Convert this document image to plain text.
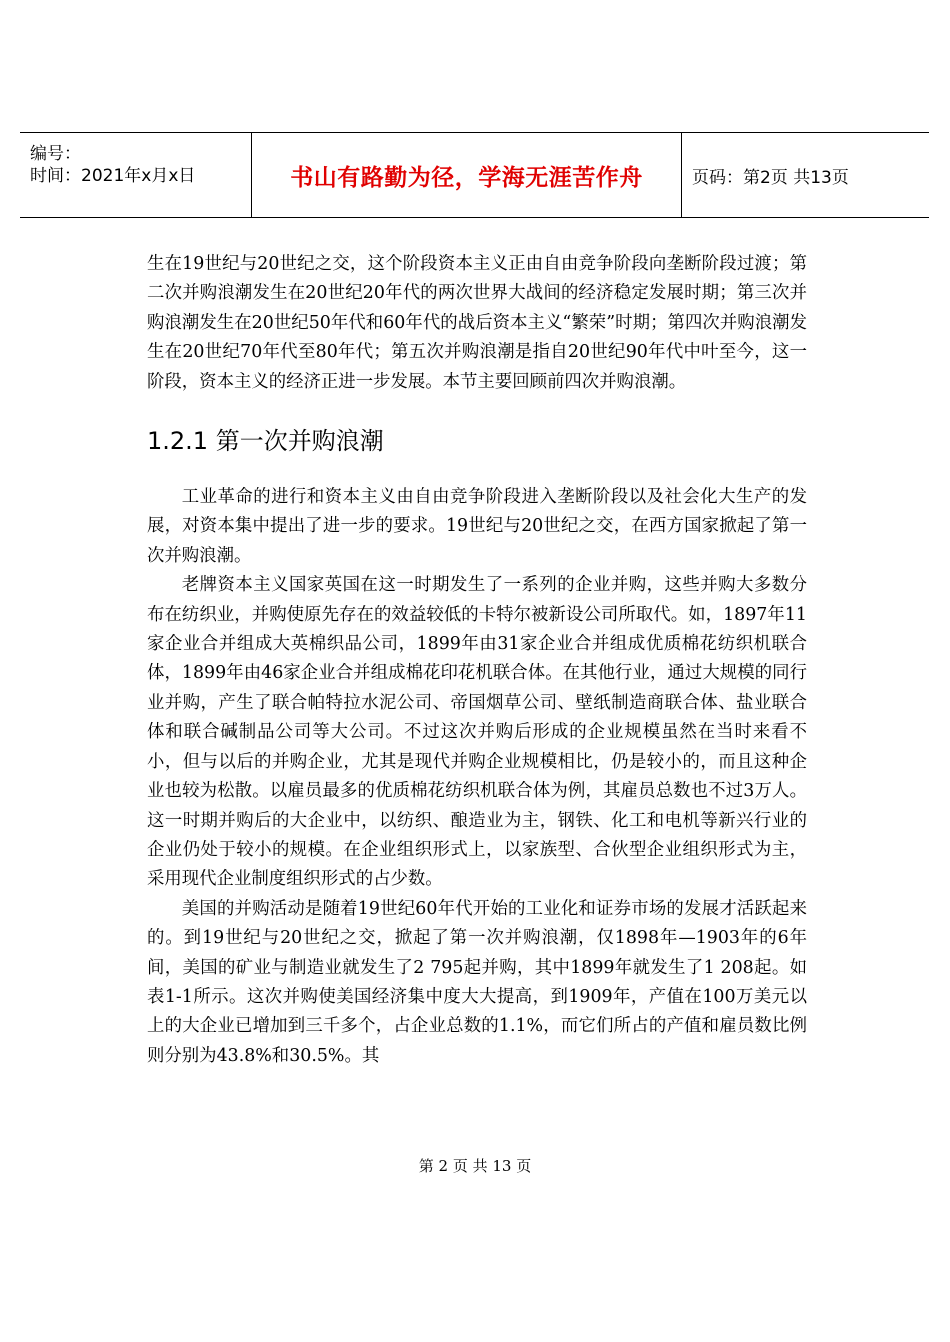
编号：
时间：2021年x月x日	书山有路勤为径，学海无涯苦作舟	页码：第2页 共13页

生在19世纪与20世纪之交，这个阶段资本主义正由自由竞争阶段向垄断阶段过渡；第二次并购浪潮发生在20世纪20年代的两次世界大战间的经济稳定发展时期；第三次并购浪潮发生在20世纪50年代和60年代的战后资本主义“繁荣”时期；第四次并购浪潮发生在20世纪70年代至80年代；第五次并购浪潮是指自20世纪90年代中叶至今，这一阶段，资本主义的经济正进一步发展。本节主要回顾前四次并购浪潮。

1.2.1 第一次并购浪潮

工业革命的进行和资本主义由自由竞争阶段进入垄断阶段以及社会化大生产的发展，对资本集中提出了进一步的要求。19世纪与20世纪之交，在西方国家掀起了第一次并购浪潮。

老牌资本主义国家英国在这一时期发生了一系列的企业并购，这些并购大多数分布在纺织业，并购使原先存在的效益较低的卡特尔被新设公司所取代。如，1897年11家企业合并组成大英棉织品公司，1899年由31家企业合并组成优质棉花纺织机联合体，1899年由46家企业合并组成棉花印花机联合体。在其他行业，通过大规模的同行业并购，产生了联合帕特拉水泥公司、帝国烟草公司、壁纸制造商联合体、盐业联合体和联合碱制品公司等大公司。不过这次并购后形成的企业规模虽然在当时来看不小，但与以后的并购企业，尤其是现代并购企业规模相比，仍是较小的，而且这种企业也较为松散。以雇员最多的优质棉花纺织机联合体为例，其雇员总数也不过3万人。这一时期并购后的大企业中，以纺织、酿造业为主，钢铁、化工和电机等新兴行业的企业仍处于较小的规模。在企业组织形式上，以家族型、合伙型企业组织形式为主，采用现代企业制度组织形式的占少数。

美国的并购活动是随着19世纪60年代开始的工业化和证券市场的发展才活跃起来的。到19世纪与20世纪之交，掀起了第一次并购浪潮，仅1898年—1903年的6年间，美国的矿业与制造业就发生了2 795起并购，其中1899年就发生了1 208起。如表1-1所示。这次并购使美国经济集中度大大提高，到1909年，产值在100万美元以上的大企业已增加到三千多个，占企业总数的1.1%，而它们所占的产值和雇员数比例则分别为43.8%和30.5%。其

第 2 页 共 13 页
